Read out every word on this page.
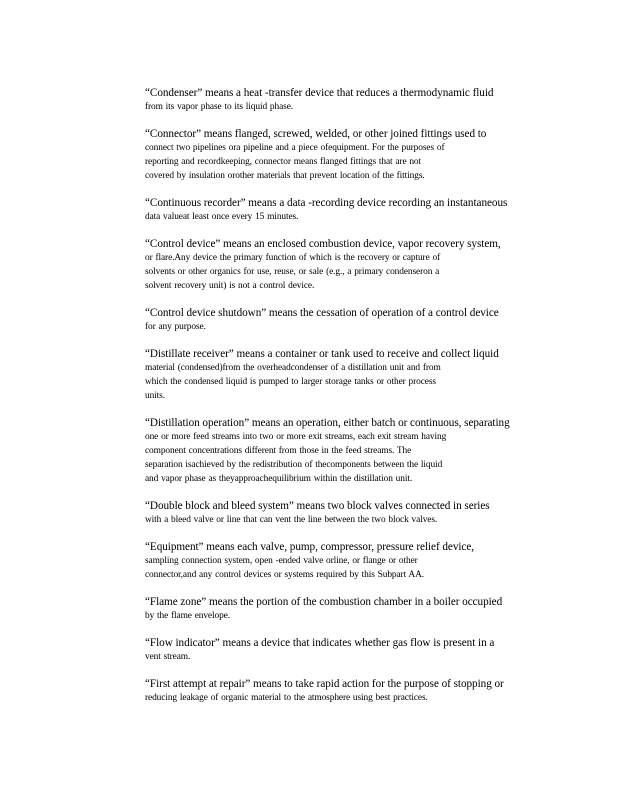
“Condenser” means a heat -transfer device that reduces a thermodynamic fluid
from its vapor phase to its liquid phase.
“Connector” means flanged, screwed, welded, or other joined fittings used to
connect two pipelines ora pipeline and a piece ofequipment. For the purposes of
reporting and recordkeeping, connector means flanged fittings that are not
covered by insulation orother materials that prevent location of the fittings.
“Continuous recorder” means a data -recording device recording an instantaneous
data valueat least once every 15 minutes.
“Control device” means an enclosed combustion device, vapor recovery system,
or flare.Any device the primary function of which is the recovery or capture of
solvents or other organics for use, reuse, or sale (e.g., a primary condenseron a
solvent recovery unit) is not a control device.
“Control device shutdown” means the cessation of operation of a control device
for any purpose.
“Distillate receiver” means a container or tank used to receive and collect liquid
material (condensed)from the overheadcondenser of a distillation unit and from
which the condensed liquid is pumped to larger storage tanks or other process
units.
“Distillation operation” means an operation, either batch or continuous, separating
one or more feed streams into two or more exit streams, each exit stream having
component concentrations different from those in the feed streams. The
separation isachieved by the redistribution of thecomponents between the liquid
and vapor phase as theyapproachequilibrium within the distillation unit.
“Double block and bleed system” means two block valves connected in series
with a bleed valve or line that can vent the line between the two block valves.
“Equipment” means each valve, pump, compressor, pressure relief device,
sampling connection system, open -ended valve orline, or flange or other
connector,and any control devices or systems required by this Subpart AA.
“Flame zone” means the portion of the combustion chamber in a boiler occupied
by the flame envelope.
“Flow indicator” means a device that indicates whether gas flow is present in a
vent stream.
“First attempt at repair” means to take rapid action for the purpose of stopping or
reducing leakage of organic material to the atmosphere using best practices.
